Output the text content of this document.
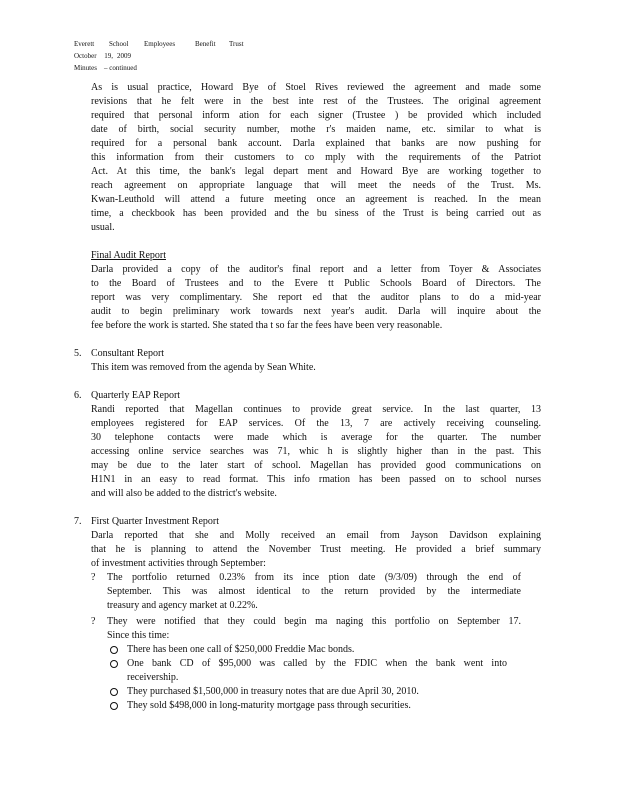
Everett	School	Employees	Benefit	Trust
October	19, 2009
Minutes	– continued
As is usual practice, Howard Bye of Stoel Rives reviewed the agreement and made some
revisions that he felt were in the best inte rest of the Trustees. The original agreement
required that personal inform ation for each signer (Trustee ) be provided which included
date of birth, social security number, mothe r's maiden name, etc. similar to what is
required for a personal bank account. Darla explained that banks are now pushing for
this information from their customers to co mply with the requirements of the Patriot
Act. At this time, the bank's legal depart ment and Howard Bye are working together to
reach agreement on appropriate language that will meet the needs of the Trust. Ms.
Kwan-Leuthold will attend a future meeting once an agreement is reached. In the mean
time, a checkbook has been provided and the bu siness of the Trust is being carried out as
usual.
Final Audit Report
Darla provided a copy of the auditor's final report and a letter from Toyer & Associates
to the Board of Trustees and to the Evere tt Public Schools Board of Directors. The
report was very complimentary. She report ed that the auditor plans to do a mid-year
audit to begin preliminary work towards next year's audit. Darla will inquire about the
fee before the work is started. She stated tha t so far the fees have been very reasonable.
5. Consultant Report
This item was removed from the agenda by Sean White.
6. Quarterly EAP Report
Randi reported that Magellan continues to provide great service. In the last quarter, 13
employees registered for EAP services. Of the 13, 7 are actively receiving counseling.
30 telephone contacts were made which is average for the quarter. The number
accessing online service searches was 71, whic h is slightly higher than in the past. This
may be due to the later start of school. Magellan has provided good communications on
H1N1 in an easy to read format. This info rmation has been passed on to school nurses
and will also be added to the district's website.
7. First Quarter Investment Report
Darla reported that she and Molly received an email from Jayson Davidson explaining
that he is planning to attend the November Trust meeting. He provided a brief summary
of investment activities through September:
? The portfolio returned 0.23% from its ince ption date (9/3/09) through the end of
September. This was almost identical to the return provided by the intermediate
treasury and agency market at 0.22%.
? They were notified that they could begin ma naging this portfolio on September 17.
Since this time:
There has been one call of $250,000 Freddie Mac bonds.
One bank CD of $95,000 was called by the FDIC when the bank went into
receivership.
They purchased $1,500,000 in treasury notes that are due April 30, 2010.
They sold $498,000 in long-maturity mortgage pass through securities.
